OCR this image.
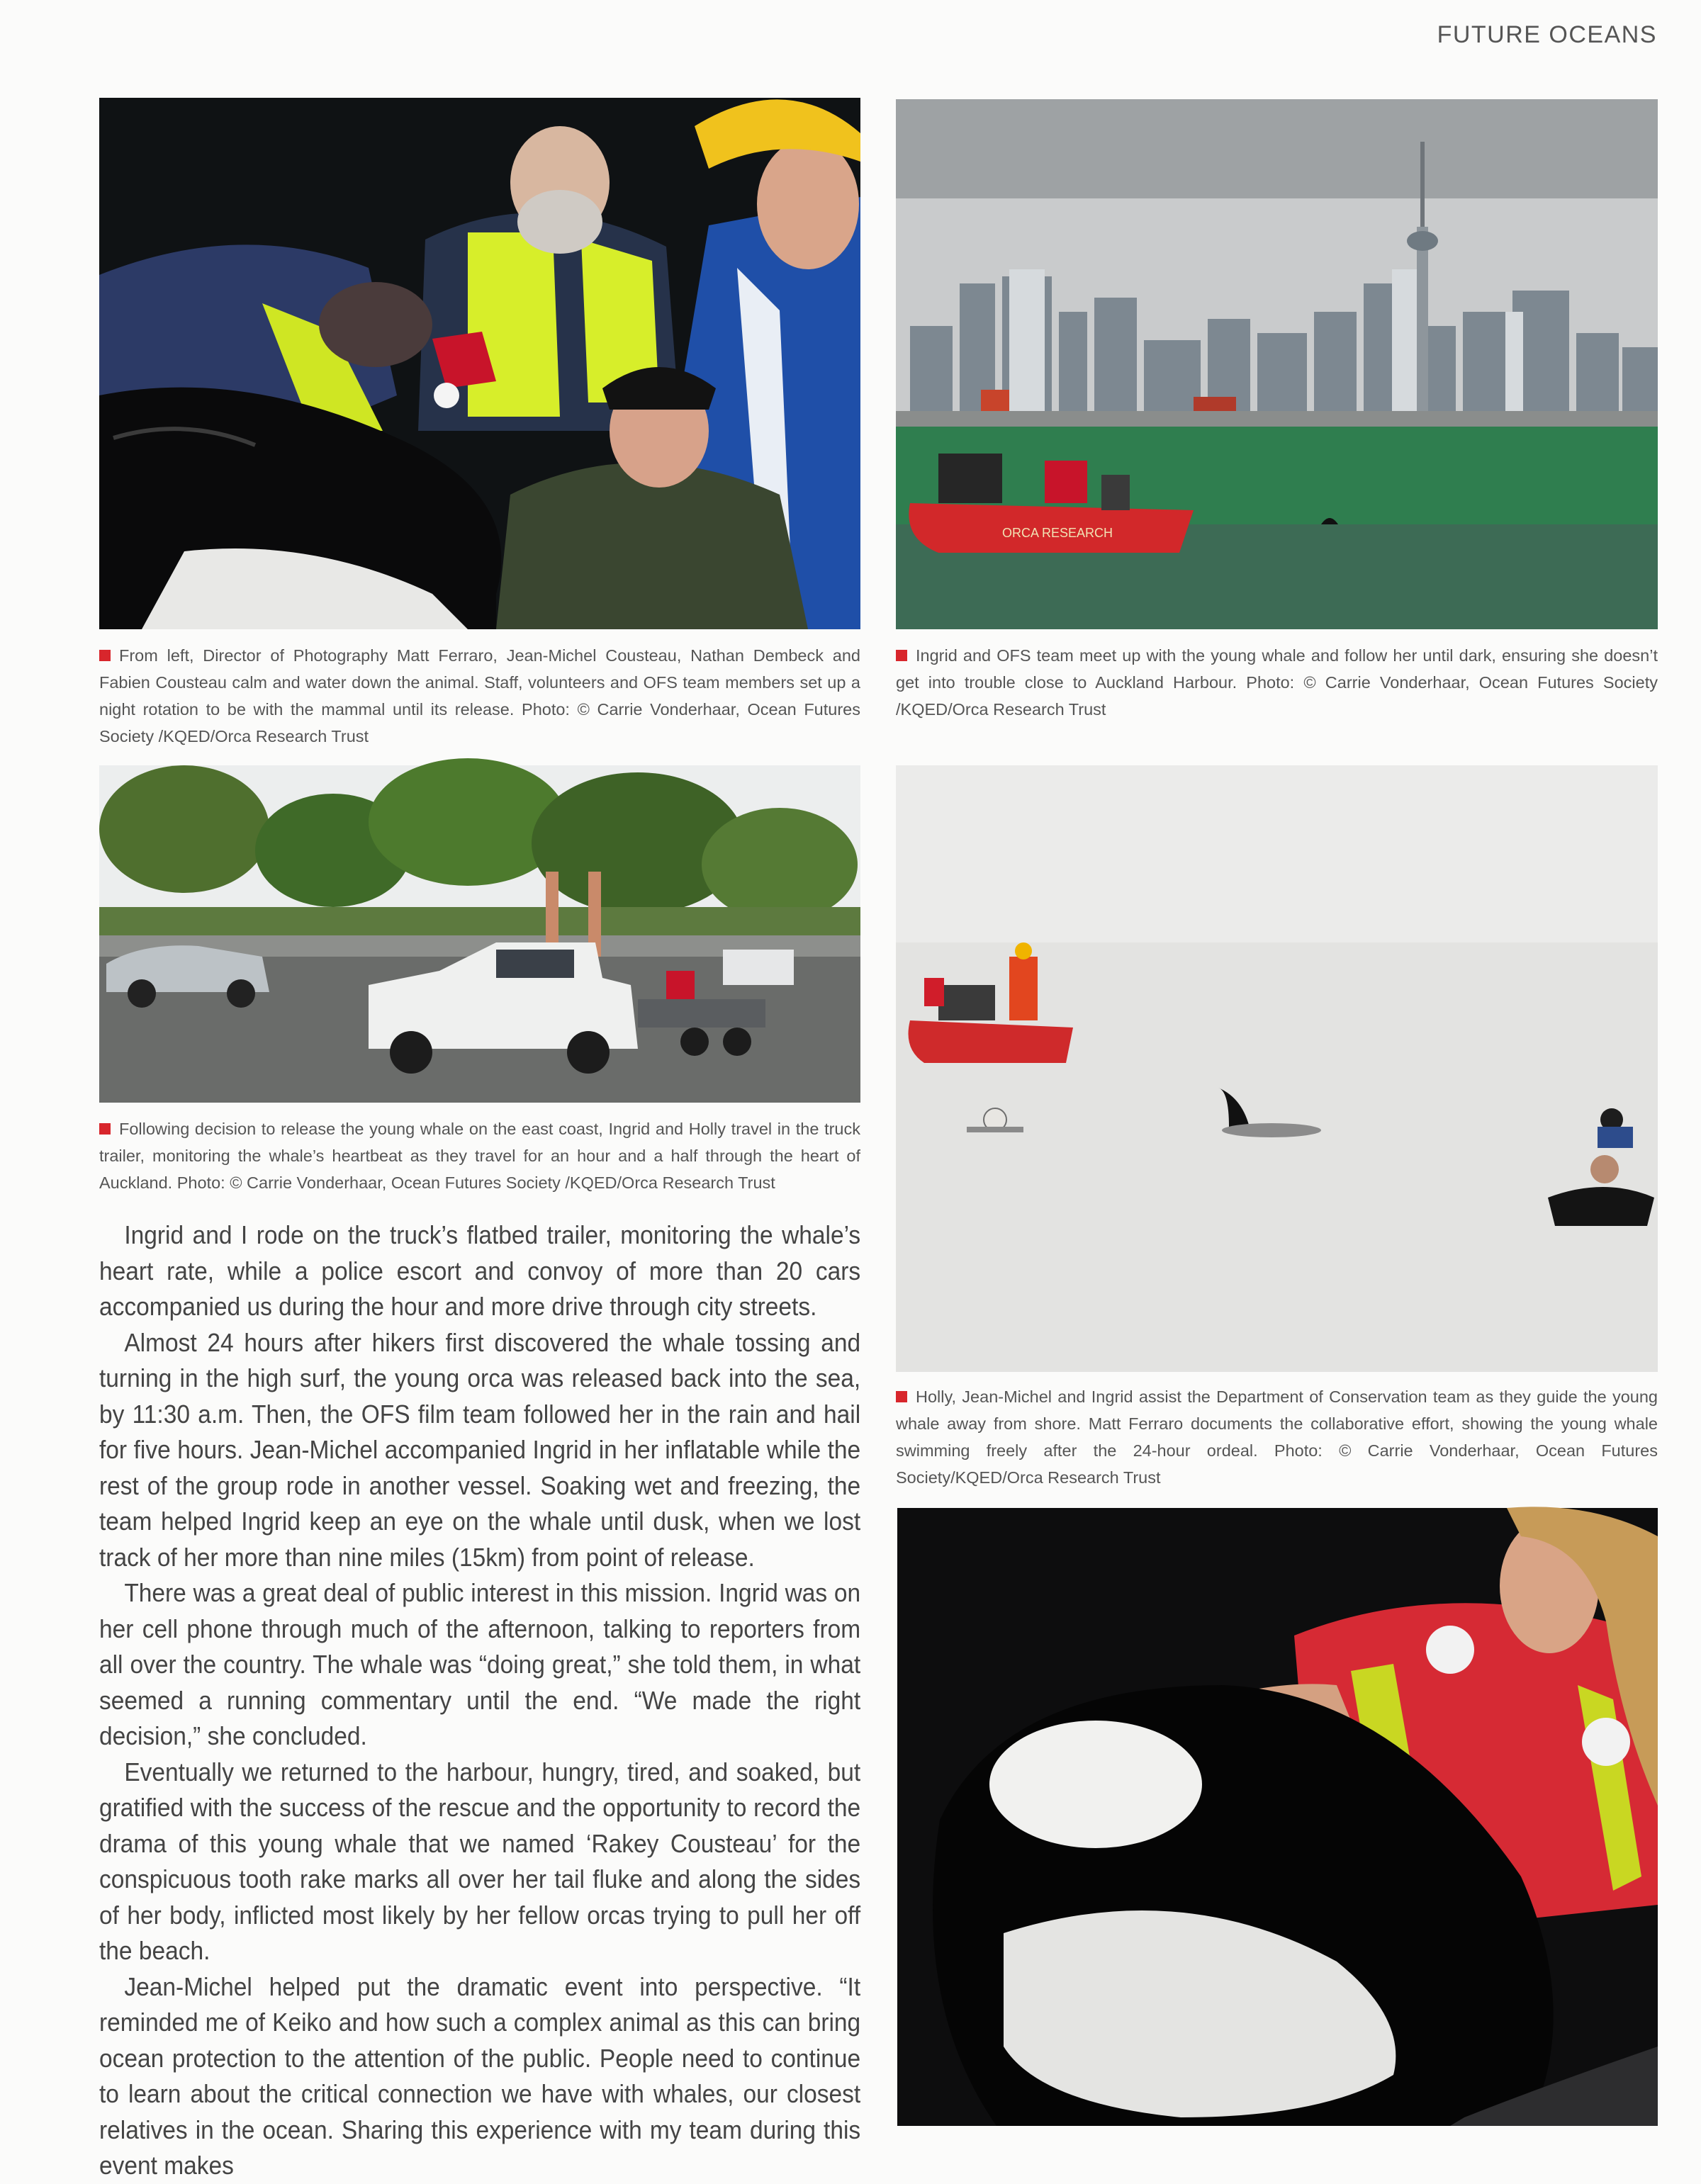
FUTURE OCEANS
ORCA RESEARCH
From left, Director of Photography Matt Ferraro, Jean-Michel Cousteau, Nathan Dembeck and Fabien Cousteau calm and water down the animal. Staff, volunteers and OFS team members set up a night rotation to be with the mammal until its release. Photo: © Carrie Vonderhaar, Ocean Futures Society /KQED/Orca Research Trust
Ingrid and OFS team meet up with the young whale and follow her until dark, ensuring she doesn’t get into trouble close to Auckland Harbour. Photo: © Carrie Vonderhaar, Ocean Futures Society /KQED/Orca Research Trust
Following decision to release the young whale on the east coast, Ingrid and Holly travel in the truck trailer, monitoring the whale’s heartbeat as they travel for an hour and a half through the heart of Auckland. Photo: © Carrie Vonderhaar, Ocean Futures Society /KQED/Orca Research Trust
Holly, Jean-Michel and Ingrid assist the Department of Conservation team as they guide the young whale away from shore. Matt Ferraro documents the collaborative effort, showing the young whale swimming freely after the 24-hour ordeal. Photo: © Carrie Vonderhaar, Ocean Futures Society/KQED/Orca Research Trust

Ingrid and I rode on the truck’s flatbed trailer, monitoring the whale’s heart rate, while a police escort and convoy of more than 20 cars accompanied us during the hour and more drive through city streets.

Almost 24 hours after hikers first discovered the whale tossing and turning in the high surf, the young orca was released back into the sea, by 11:30 a.m. Then, the OFS film team followed her in the rain and hail for five hours. Jean-Michel accompanied Ingrid in her inflatable while the rest of the group rode in another vessel. Soaking wet and freezing, the team helped Ingrid keep an eye on the whale until dusk, when we lost track of her more than nine miles (15km) from point of release.

There was a great deal of public interest in this mission. Ingrid was on her cell phone through much of the afternoon, talking to reporters from all over the country. The whale was “doing great,” she told them, in what seemed a running commentary until the end. “We made the right decision,” she concluded.

Eventually we returned to the harbour, hungry, tired, and soaked, but gratified with the success of the rescue and the opportunity to record the drama of this young whale that we named ‘Rakey Cousteau’ for the conspicuous tooth rake marks all over her tail fluke and along the sides of her body, inflicted most likely by her fellow orcas trying to pull her off the beach.

Jean-Michel helped put the dramatic event into perspective. “It reminded me of Keiko and how such a complex animal as this can bring ocean protection to the attention of the public. People need to continue to learn about the critical connection we have with whales, our closest relatives in the ocean. Sharing this experience with my team during this event makes
